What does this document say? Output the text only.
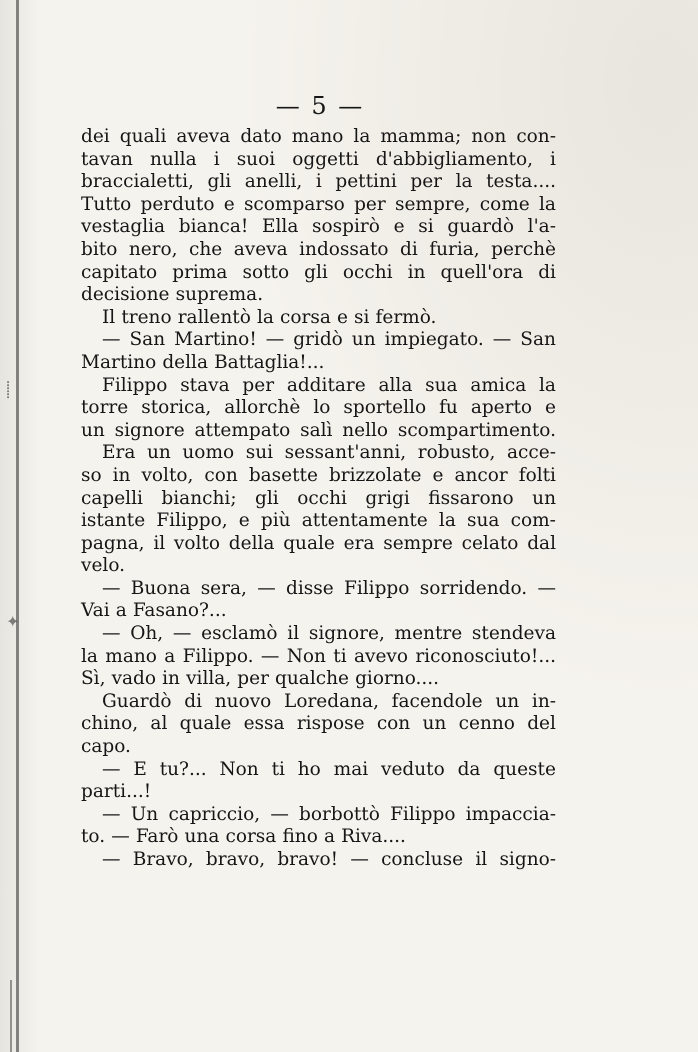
⸽
✦
— 5 —
dei quali aveva dato mano la mamma; non con-
tavan nulla i suoi oggetti d'abbigliamento, i
braccialetti, gli anelli, i pettini per la testa....
Tutto perduto e scomparso per sempre, come la
vestaglia bianca! Ella sospirò e si guardò l'a-
bito nero, che aveva indossato di furia, perchè
capitato prima sotto gli occhi in quell'ora di
decisione suprema.
Il treno rallentò la corsa e si fermò.
— San Martino! — gridò un impiegato. — San
Martino della Battaglia!...
Filippo stava per additare alla sua amica la
torre storica, allorchè lo sportello fu aperto e
un signore attempato salì nello scompartimento.
Era un uomo sui sessant'anni, robusto, acce-
so in volto, con basette brizzolate e ancor folti
capelli bianchi; gli occhi grigi fissarono un
istante Filippo, e più attentamente la sua com-
pagna, il volto della quale era sempre celato dal
velo.
— Buona sera, — disse Filippo sorridendo. —
Vai a Fasano?...
— Oh, — esclamò il signore, mentre stendeva
la mano a Filippo. — Non ti avevo riconosciuto!...
Sì, vado in villa, per qualche giorno....
Guardò di nuovo Loredana, facendole un in-
chino, al quale essa rispose con un cenno del
capo.
— E tu?... Non ti ho mai veduto da queste
parti...!
— Un capriccio, — borbottò Filippo impaccia-
to. — Farò una corsa fino a Riva....
— Bravo, bravo, bravo! — concluse il signo-
